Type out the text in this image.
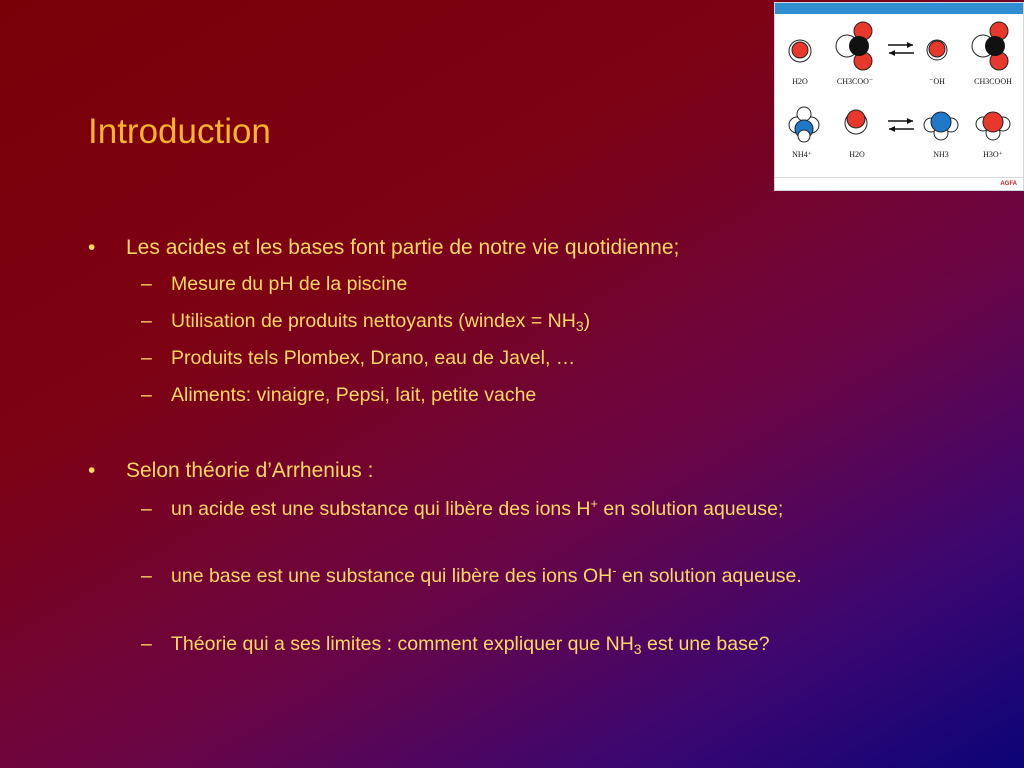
Introduction
• Les acides et les bases font partie de notre vie quotidienne;
– Mesure du pH de la piscine
– Utilisation de produits nettoyants (windex = $NH_3$)
– Produits tels Plombex, Drano, eau de Javel, …
– Aliments: vinaigre, Pepsi, lait, petite vache
• Selon théorie d’Arrhenius :
– un acide est une substance qui libère des ions H+ en solution aqueuse;
– une base est une substance qui libère des ions OH- en solution aqueuse.
– Théorie qui a ses limites : comment expliquer que $NH_3$ est une base?
H2O	CH3COO⁻	⁻OH	CH3COOH
NH4⁺	H2O	NH3	H3O⁺
AGFA
